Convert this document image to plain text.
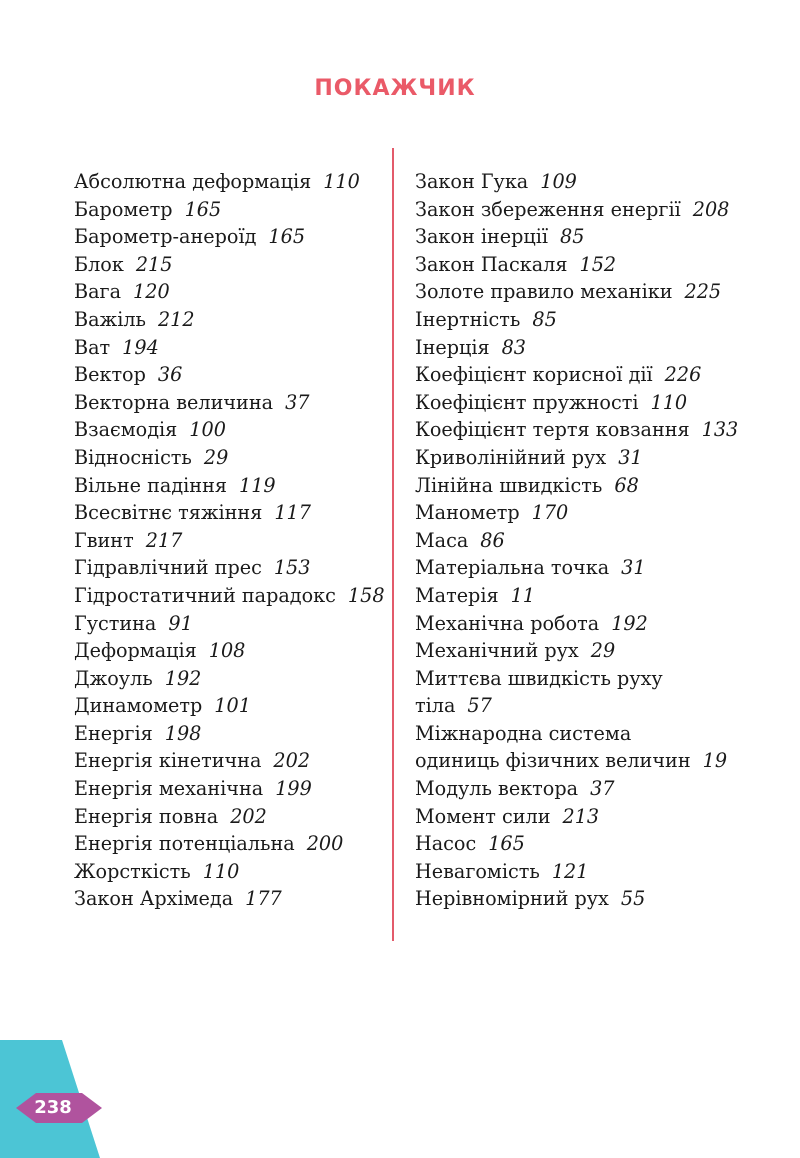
ПОКАЖЧИК
Абсолютна деформація 110
Барометр 165
Барометр-анероїд 165
Блок 215
Вага 120
Важіль 212
Ват 194
Вектор 36
Векторна величина 37
Взаємодія 100
Відносність 29
Вільне падіння 119
Всесвітнє тяжіння 117
Гвинт 217
Гідравлічний прес 153
Гідростатичний парадокс 158
Густина 91
Деформація 108
Джоуль 192
Динамометр 101
Енергія 198
Енергія кінетична 202
Енергія механічна 199
Енергія повна 202
Енергія потенціальна 200
Жорсткість 110
Закон Архімеда 177
Закон Гука 109
Закон збереження енергії 208
Закон інерції 85
Закон Паскаля 152
Золоте правило механіки 225
Інертність 85
Інерція 83
Коефіцієнт корисної дії 226
Коефіцієнт пружності 110
Коефіцієнт тертя ковзання 133
Криволінійний рух 31
Лінійна швидкість 68
Манометр 170
Маса 86
Матеріальна точка 31
Матерія 11
Механічна робота 192
Механічний рух 29
Миттєва швидкість руху
тіла 57
Міжнародна система
одиниць фізичних величин 19
Модуль вектора 37
Момент сили 213
Насос 165
Невагомість 121
Нерівномірний рух 55
238
